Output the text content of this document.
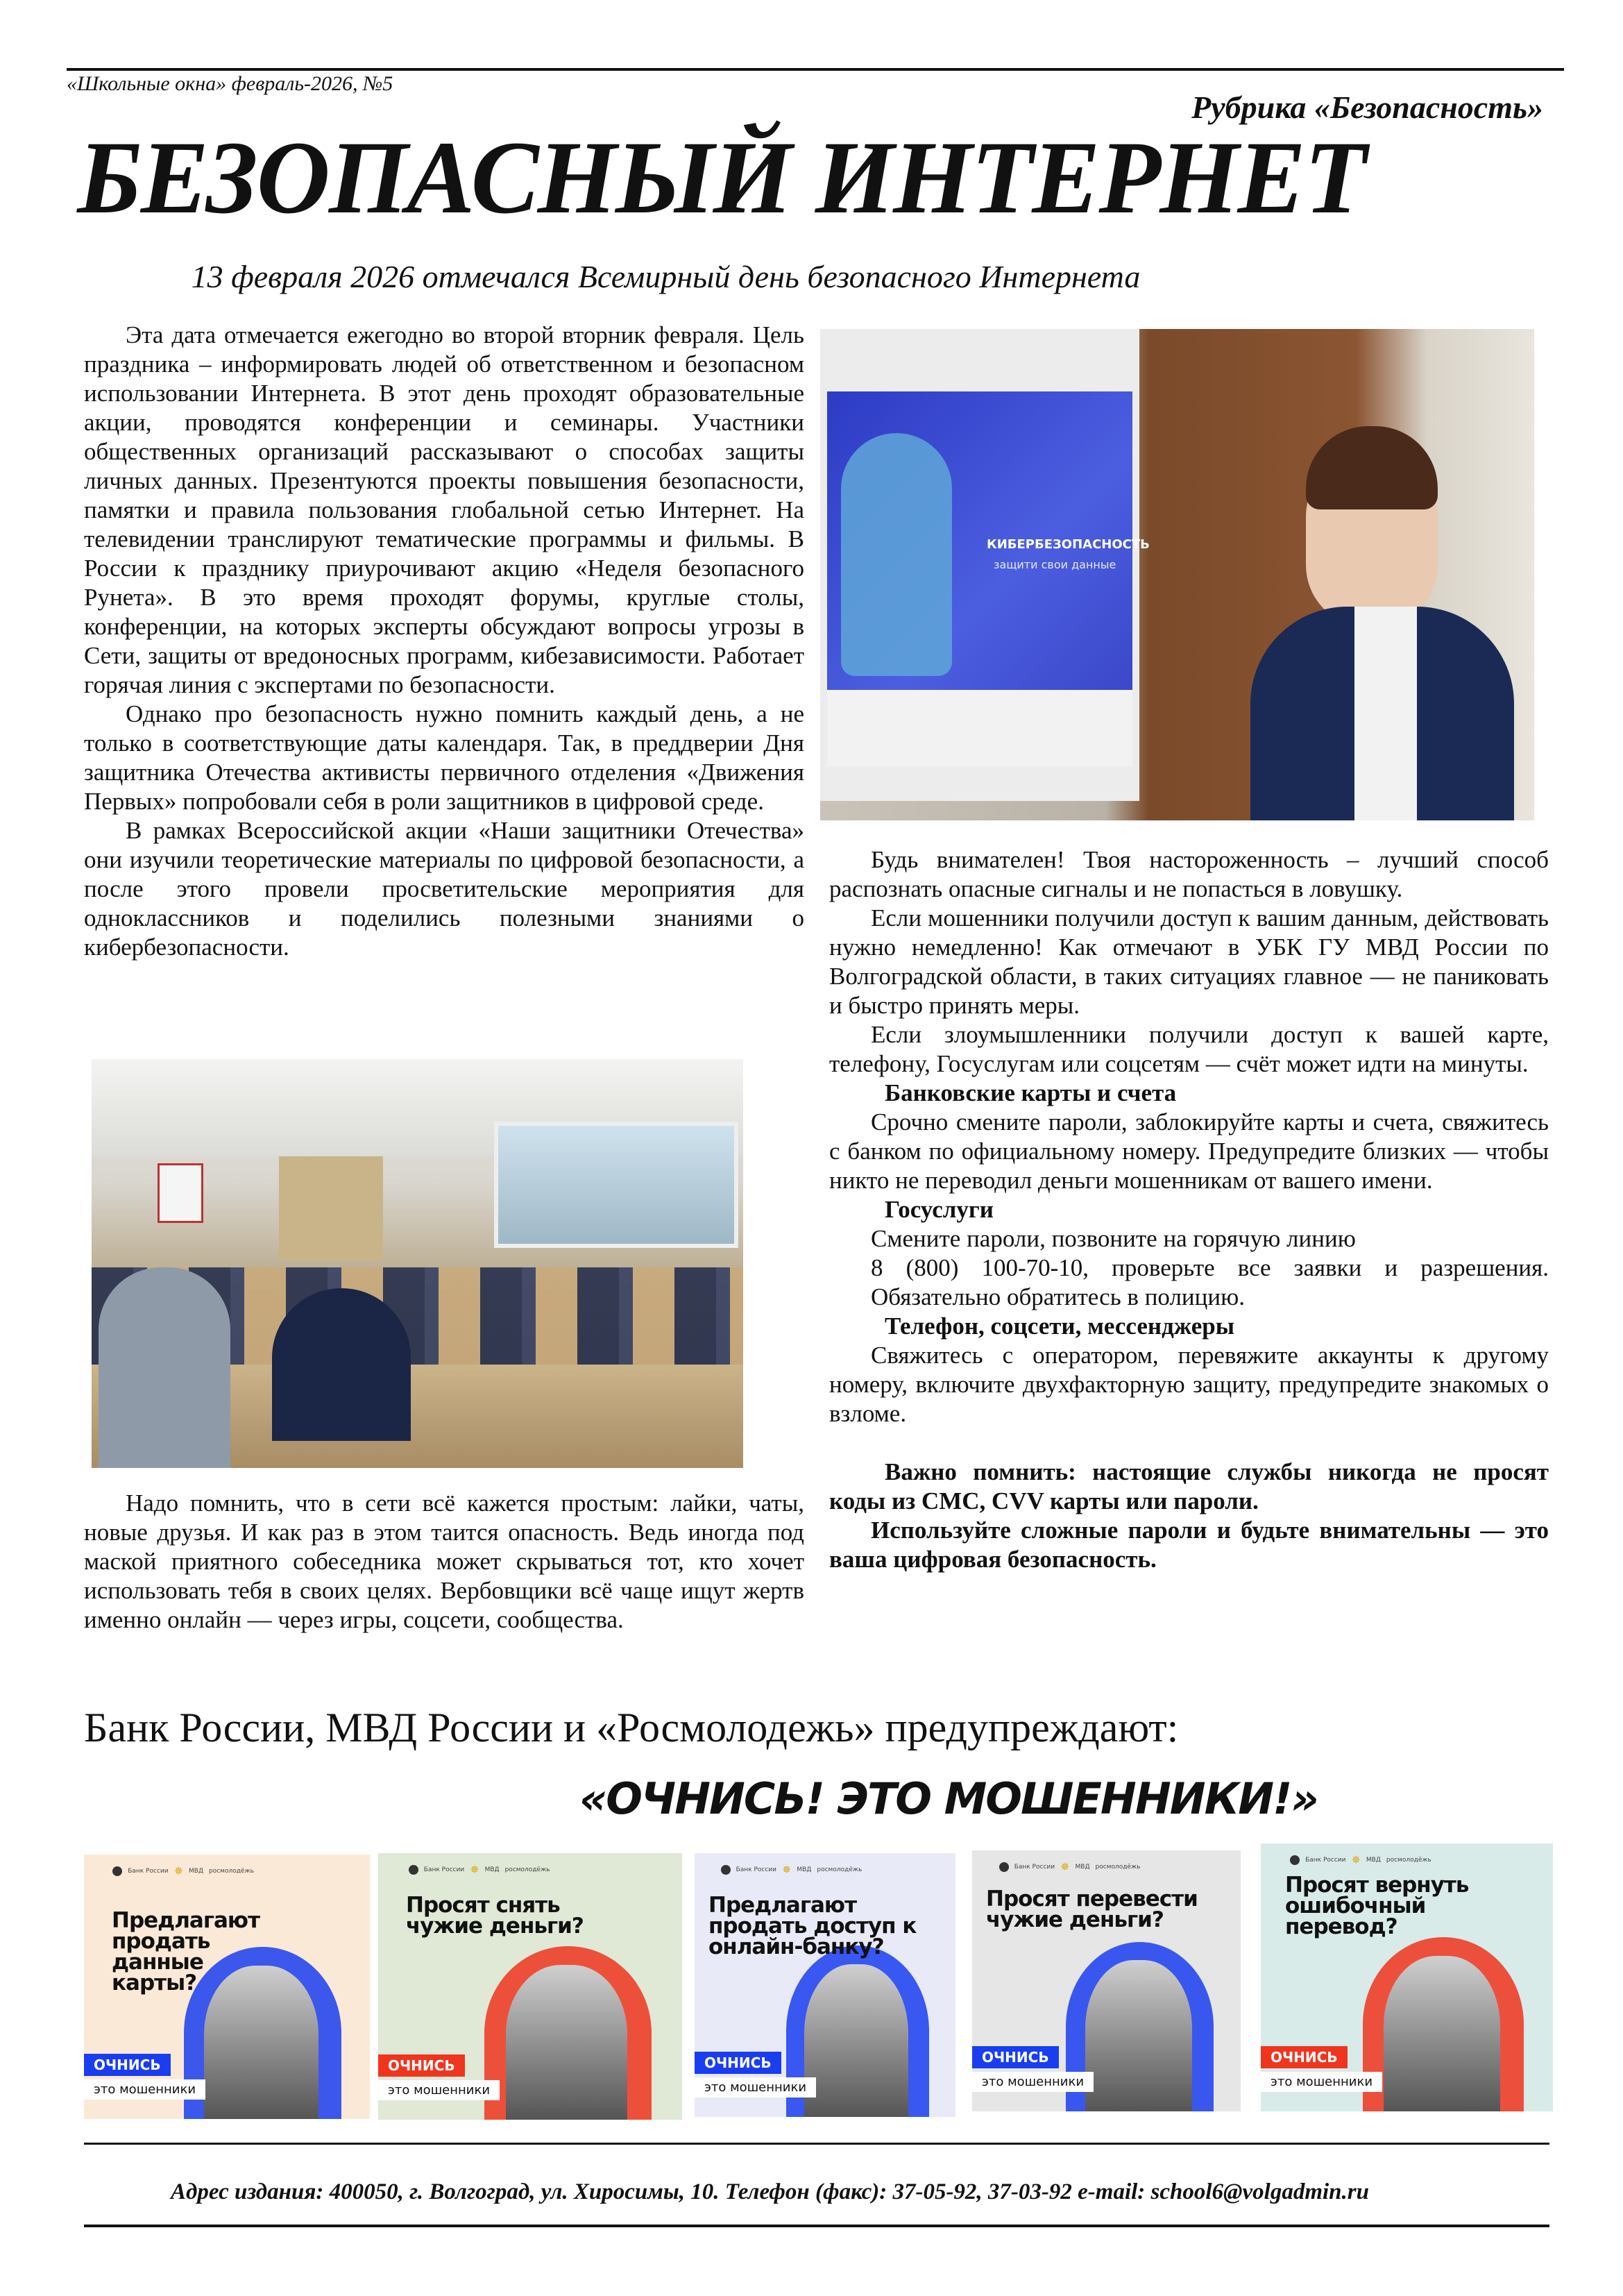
«Школьные окна» февраль-2026, №5
Рубрика «Безопасность»
БЕЗОПАСНЫЙ ИНТЕРНЕТ
13 февраля 2026 отмечался Всемирный день безопасного Интернета

Эта дата отмечается ежегодно во второй вторник февраля. Цель праздника – информировать людей об ответственном и безопасном использовании Интернета. В этот день проходят образовательные акции, проводятся конференции и семинары. Участники общественных организаций рассказывают о способах защиты личных данных. Презентуются проекты повышения безопасности, памятки и правила пользования глобальной сетью Интернет. На телевидении транслируют тематические программы и фильмы. В России к празднику приурочивают акцию «Неделя безопасного Рунета». В это время проходят форумы, круглые столы, конференции, на которых эксперты обсуждают вопросы угрозы в Сети, защиты от вредоносных программ, кибезависимости. Работает горячая линия с экспертами по безопасности.

Однако про безопасность нужно помнить каждый день, а не только в соответствующие даты календаря. Так, в преддверии Дня защитника Отечества активисты первичного отделения «Движения Первых» попробовали себя в роли защитников в цифровой среде.

В рамках Всероссийской акции «Наши защитники Отечества» они изучили теоретические материалы по цифровой безопасности, а после этого провели просветительские мероприятия для одноклассников и поделились полезными знаниями о кибербезопасности.

Надо помнить, что в сети всё кажется простым: лайки, чаты, новые друзья. И как раз в этом таится опасность. Ведь иногда под маской приятного собеседника может скрываться тот, кто хочет использовать тебя в своих целях. Вербовщики всё чаще ищут жертв именно онлайн — через игры, соцсети, сообщества.

КИБЕРБЕЗОПАСНОСТЬ
защити свои данные

Будь внимателен! Твоя настороженность – лучший способ распознать опасные сигналы и не попасться в ловушку.

Если мошенники получили доступ к вашим данным, действовать нужно немедленно! Как отмечают в УБК ГУ МВД России по Волгоградской области, в таких ситуациях главное — не паниковать и быстро принять меры.

Если злоумышленники получили доступ к вашей карте, телефону, Госуслугам или соцсетям — счёт может идти на минуты.

Банковские карты и счета

Срочно смените пароли, заблокируйте карты и счета, свяжитесь с банком по официальному номеру. Предупредите близких — чтобы никто не переводил деньги мошенникам от вашего имени.

Госуслуги

Смените пароли, позвоните на горячую линию

8 (800) 100-70-10, проверьте все заявки и разрешения. Обязательно обратитесь в полицию.

Телефон, соцсети, мессенджеры

Свяжитесь с оператором, перевяжите аккаунты к другому номеру, включите двухфакторную защиту, предупредите знакомых о взломе.

Важно помнить: настоящие службы никогда не просят коды из СМС, CVV карты или пароли.

Используйте сложные пароли и будьте внимательны — это ваша цифровая безопасность.

Банк России, МВД России и «Росмолодежь» предупреждают:
«ОЧНИСЬ! ЭТО МОШЕННИКИ!»
Банк России ✵ МВД росмолодёжь
Предлагают продать данные карты?
ОЧНИСЬ
это мошенники
Банк России ✵ МВД росмолодёжь
Просят снять чужие деньги?
ОЧНИСЬ
это мошенники
Банк России ✵ МВД росмолодёжь
Предлагают продать доступ к онлайн-банку?
ОЧНИСЬ
это мошенники
Банк России ✵ МВД росмолодёжь
Просят перевести чужие деньги?
ОЧНИСЬ
это мошенники
Банк России ✵ МВД росмолодёжь
Просят вернуть ошибочный перевод?
ОЧНИСЬ
это мошенники
Адрес издания: 400050, г. Волгоград, ул. Хиросимы, 10. Телефон (факс): 37-05-92, 37-03-92 e-mail: school6@volgadmin.ru
